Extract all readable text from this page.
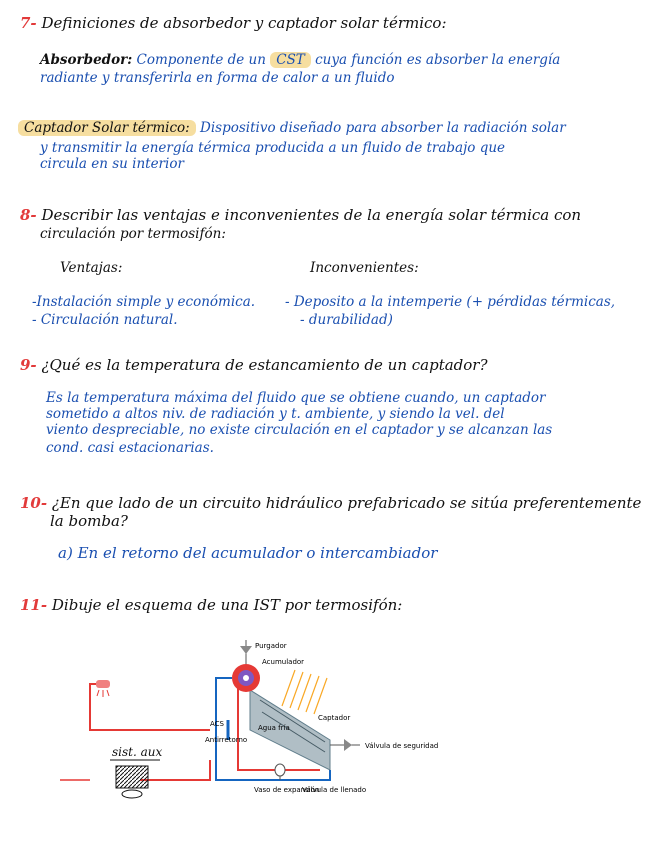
7- Definiciones de absorbedor y captador solar térmico:
Absorbedor: Componente de un CST cuya función es absorber la energía
radiante y transferirla en forma de calor a un fluido
Captador Solar térmico: Dispositivo diseñado para absorber la radiación solar
y transmitir la energía térmica producida a un fluido de trabajo que
circula en su interior
8- Describir las ventajas e inconvenientes de la energía solar térmica con
circulación por termosifón:
Ventajas:	Inconvenientes:
-Instalación simple y económica.
- Circulación natural.
- Deposito a la intemperie (+ pérdidas térmicas,
- durabilidad)
9- ¿Qué es la temperatura de estancamiento de un captador?
Es la temperatura máxima del fluido que se obtiene cuando, un captador
sometido a altos niv. de radiación y t. ambiente, y siendo la vel. del
viento despreciable, no existe circulación en el captador y se alcanzan las
cond. casi estacionarias.
10- ¿En que lado de un circuito hidráulico prefabricado se sitúa preferentemente
la bomba?
a) En el retorno del acumulador o intercambiador
11- Dibuje el esquema de una IST por termosifón:
sist. aux
Purgador
Acumulador
Captador
ACS
Antirretorno
Agua fría
Vaso de expansión
Válvula de llenado
Válvula de seguridad
